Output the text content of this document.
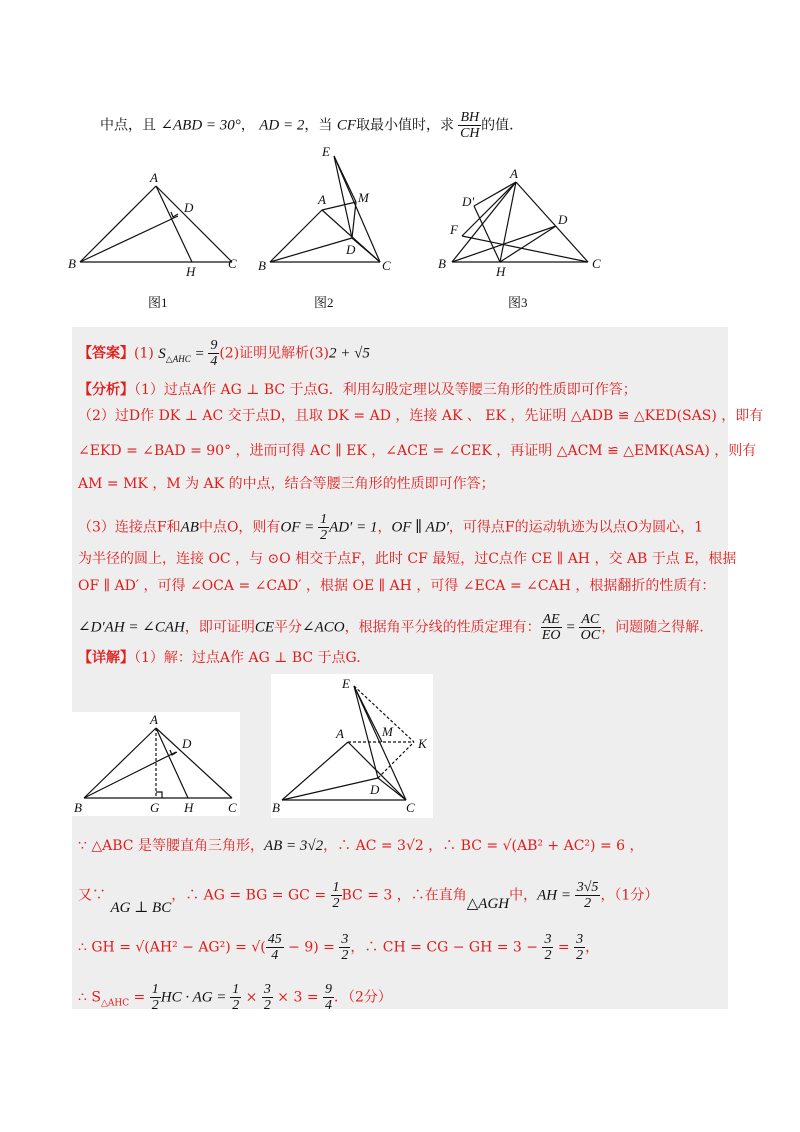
中点，且 ∠ABD = 30°， AD = 2，当 CF取最小值时，求 $\frac{BH}{CH}$ 的值.
A
D
B
H
C
图1
E
A M
D
B	C
图2
A
D'
D
F
B
H
C
图3
【答案】(1) $S_{\triangle AHC} = \frac{9}{4} (2)$证明见解析(3)2 + √5
【分析】（1）过点A作 AG ⊥ BC 于点G．利用勾股定理以及等腰三角形的性质即可作答；
（2）过D作 DK ⊥ AC 交于点D，且取 DK = AD ，连接 AK 、 EK ，先证明 △ADB ≌ △KED(SAS) ，即有
∠EKD = ∠BAD = 90° ，进而可得 AC ∥ EK ，∠ACE = ∠CEK ，再证明 △ACM ≌ △EMK(ASA) ，则有
AM = MK ，M 为 AK 的中点，结合等腰三角形的性质即可作答；
（3）连接点F和AB中点O，则有OF = $\frac{1}{2} AD' = 1$，OF ∥ AD′，可得点F的运动轨迹为以点O为圆心，1
为半径的圆上，连接 OC ，与 ⊙O 相交于点F，此时 CF 最短，过C点作 CE ∥ AH ，交 AB 于点 E，根据
OF ∥ AD′ ，可得 ∠OCA = ∠CAD′ ，根据 OE ∥ AH ，可得 ∠ECA = ∠CAH ，根据翻折的性质有：
∠D′AH = ∠CAH，即可证明CE平分∠ACO，根据角平分线的性质定理有： $\frac{AE}{EO} = \frac{AC}{OC}$ ，问题随之得解.
【详解】（1）解：过点A作 AG ⊥ BC 于点G.
A
D
B	G H	C
E
A	M
K
D
B	C
∵ △ABC 是等腰直角三角形，AB = 3√2，∴ AC = 3√2 ，∴ BC = √(AB² + AC²) = 6 ，
又∵ AG ⊥ BC，∴ AG = BG = GC = $\frac{1}{2}$ BC = 3 ，∴在直角△AGH中，AH = $\frac{3√5}{2}$ ，（1分）
∴ GH = √(AH² − AG²) = √( $\frac{45}{4} - 9) = \frac{3}{2}$ ，∴ CH = CG − GH = $3 - \frac{3}{2} = \frac{3}{2}$ ，
∴ $S_{\triangle AHC} = \frac{1}{2}$ HC · AG = $\frac{1}{2} \times \frac{3}{2} \times 3 = \frac{9}{4}$ ．（2分）
